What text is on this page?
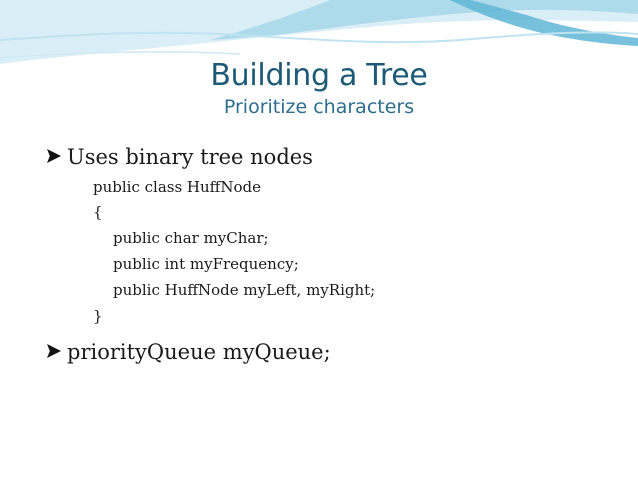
Building a Tree
Prioritize characters
Uses binary tree nodes
public class HuffNode
{
public char myChar;
public int myFrequency;
public HuffNode myLeft, myRight;
}
priorityQueue myQueue;
